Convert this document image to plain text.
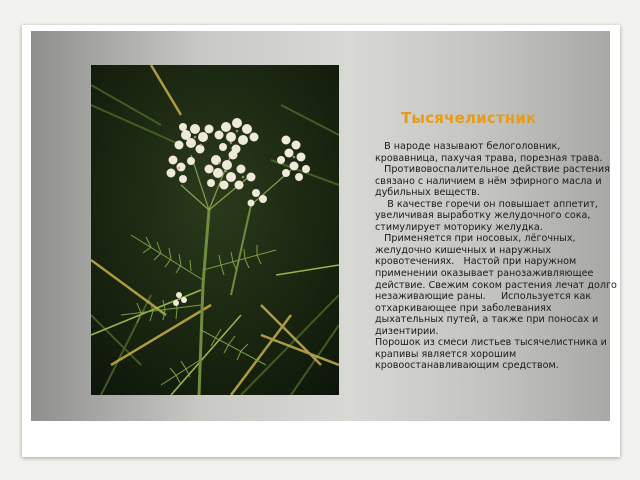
Тысячелистник

В народе называют белоголовник, кровавница, пахучая трава, порезная трава.

Противовоспалительное действие растения связано с наличием в нём эфирного масла и дубильных веществ.

В качестве горечи он повышает аппетит, увеличивая выработку желудочного сока, стимулирует моторику желудка.

Применяется при носовых, лёгочных, желудочно кишечных и наружных кровотечениях.   Настой при наружном применении оказывает ранозаживляющее действие. Свежим соком растения лечат долго незаживающие раны.     Используется как отхаркивающее при заболеваниях дыхательных путей, а также при поносах и дизентирии.

Порошок из смеси листьев тысячелистника и крапивы является хорошим кровоостанавливающим средством.
